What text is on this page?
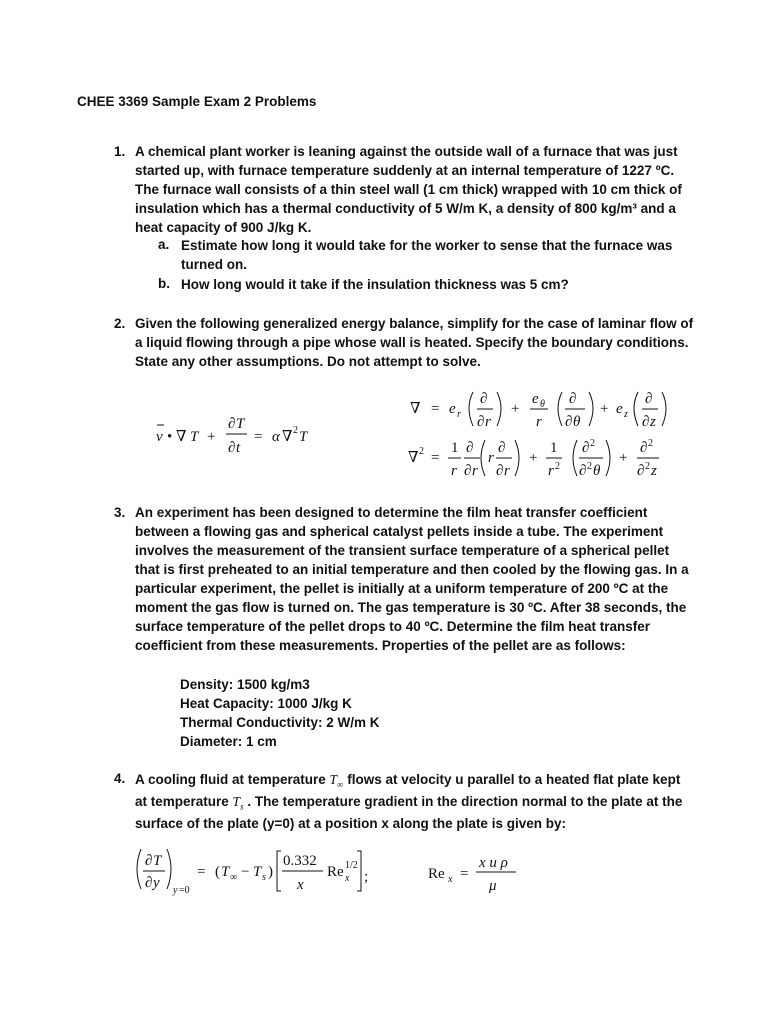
CHEE 3369 Sample Exam 2 Problems
1. A chemical plant worker is leaning against the outside wall of a furnace that was just
started up, with furnace temperature suddenly at an internal temperature of 1227 ºC.
The furnace wall consists of a thin steel wall (1 cm thick) wrapped with 10 cm thick of
insulation which has a thermal conductivity of 5 W/m K, a density of 800 kg/m³ and a
heat capacity of 900 J/kg K.
a. Estimate how long it would take for the worker to sense that the furnace was
turned on.
b. How long would it take if the insulation thickness was 5 cm?
2. Given the following generalized energy balance, simplify for the case of laminar flow of
a liquid flowing through a pipe whose wall is heated. Specify the boundary conditions.
State any other assumptions. Do not attempt to solve.
v • ∇ T +
∂ T
∂ t
= α ∇ 2 T
∇ = e r
∂
∂ r
+
e θ
r
∂
∂ θ
+ e z
∂
∂ z
∇ 2 =
1
r
∂
∂ r
r
∂
∂ r
+
1
r 2
∂ 2
∂ 2 θ
+
∂ 2
∂ 2 z
3. An experiment has been designed to determine the film heat transfer coefficient
between a flowing gas and spherical catalyst pellets inside a tube. The experiment
involves the measurement of the transient surface temperature of a spherical pellet
that is first preheated to an initial temperature and then cooled by the flowing gas. In a
particular experiment, the pellet is initially at a uniform temperature of 200 ºC at the
moment the gas flow is turned on. The gas temperature is 30 ºC. After 38 seconds, the
surface temperature of the pellet drops to 40 ºC. Determine the film heat transfer
coefficient from these measurements. Properties of the pellet are as follows:
Density: 1500 kg/m3
Heat Capacity: 1000 J/kg K
Thermal Conductivity: 2 W/m K
Diameter: 1 cm
4. A cooling fluid at temperature $T_\infty$ flows at velocity u parallel to a heated flat plate kept
at temperature $T_s$ . The temperature gradient in the direction normal to the plate at the
surface of the plate (y=0) at a position x along the plate is given by:
∂ T
∂ y y =0
= ( T ∞ − T s )
0.332
x
Re x
1/2
;	Re x =
x u ρ
μ
